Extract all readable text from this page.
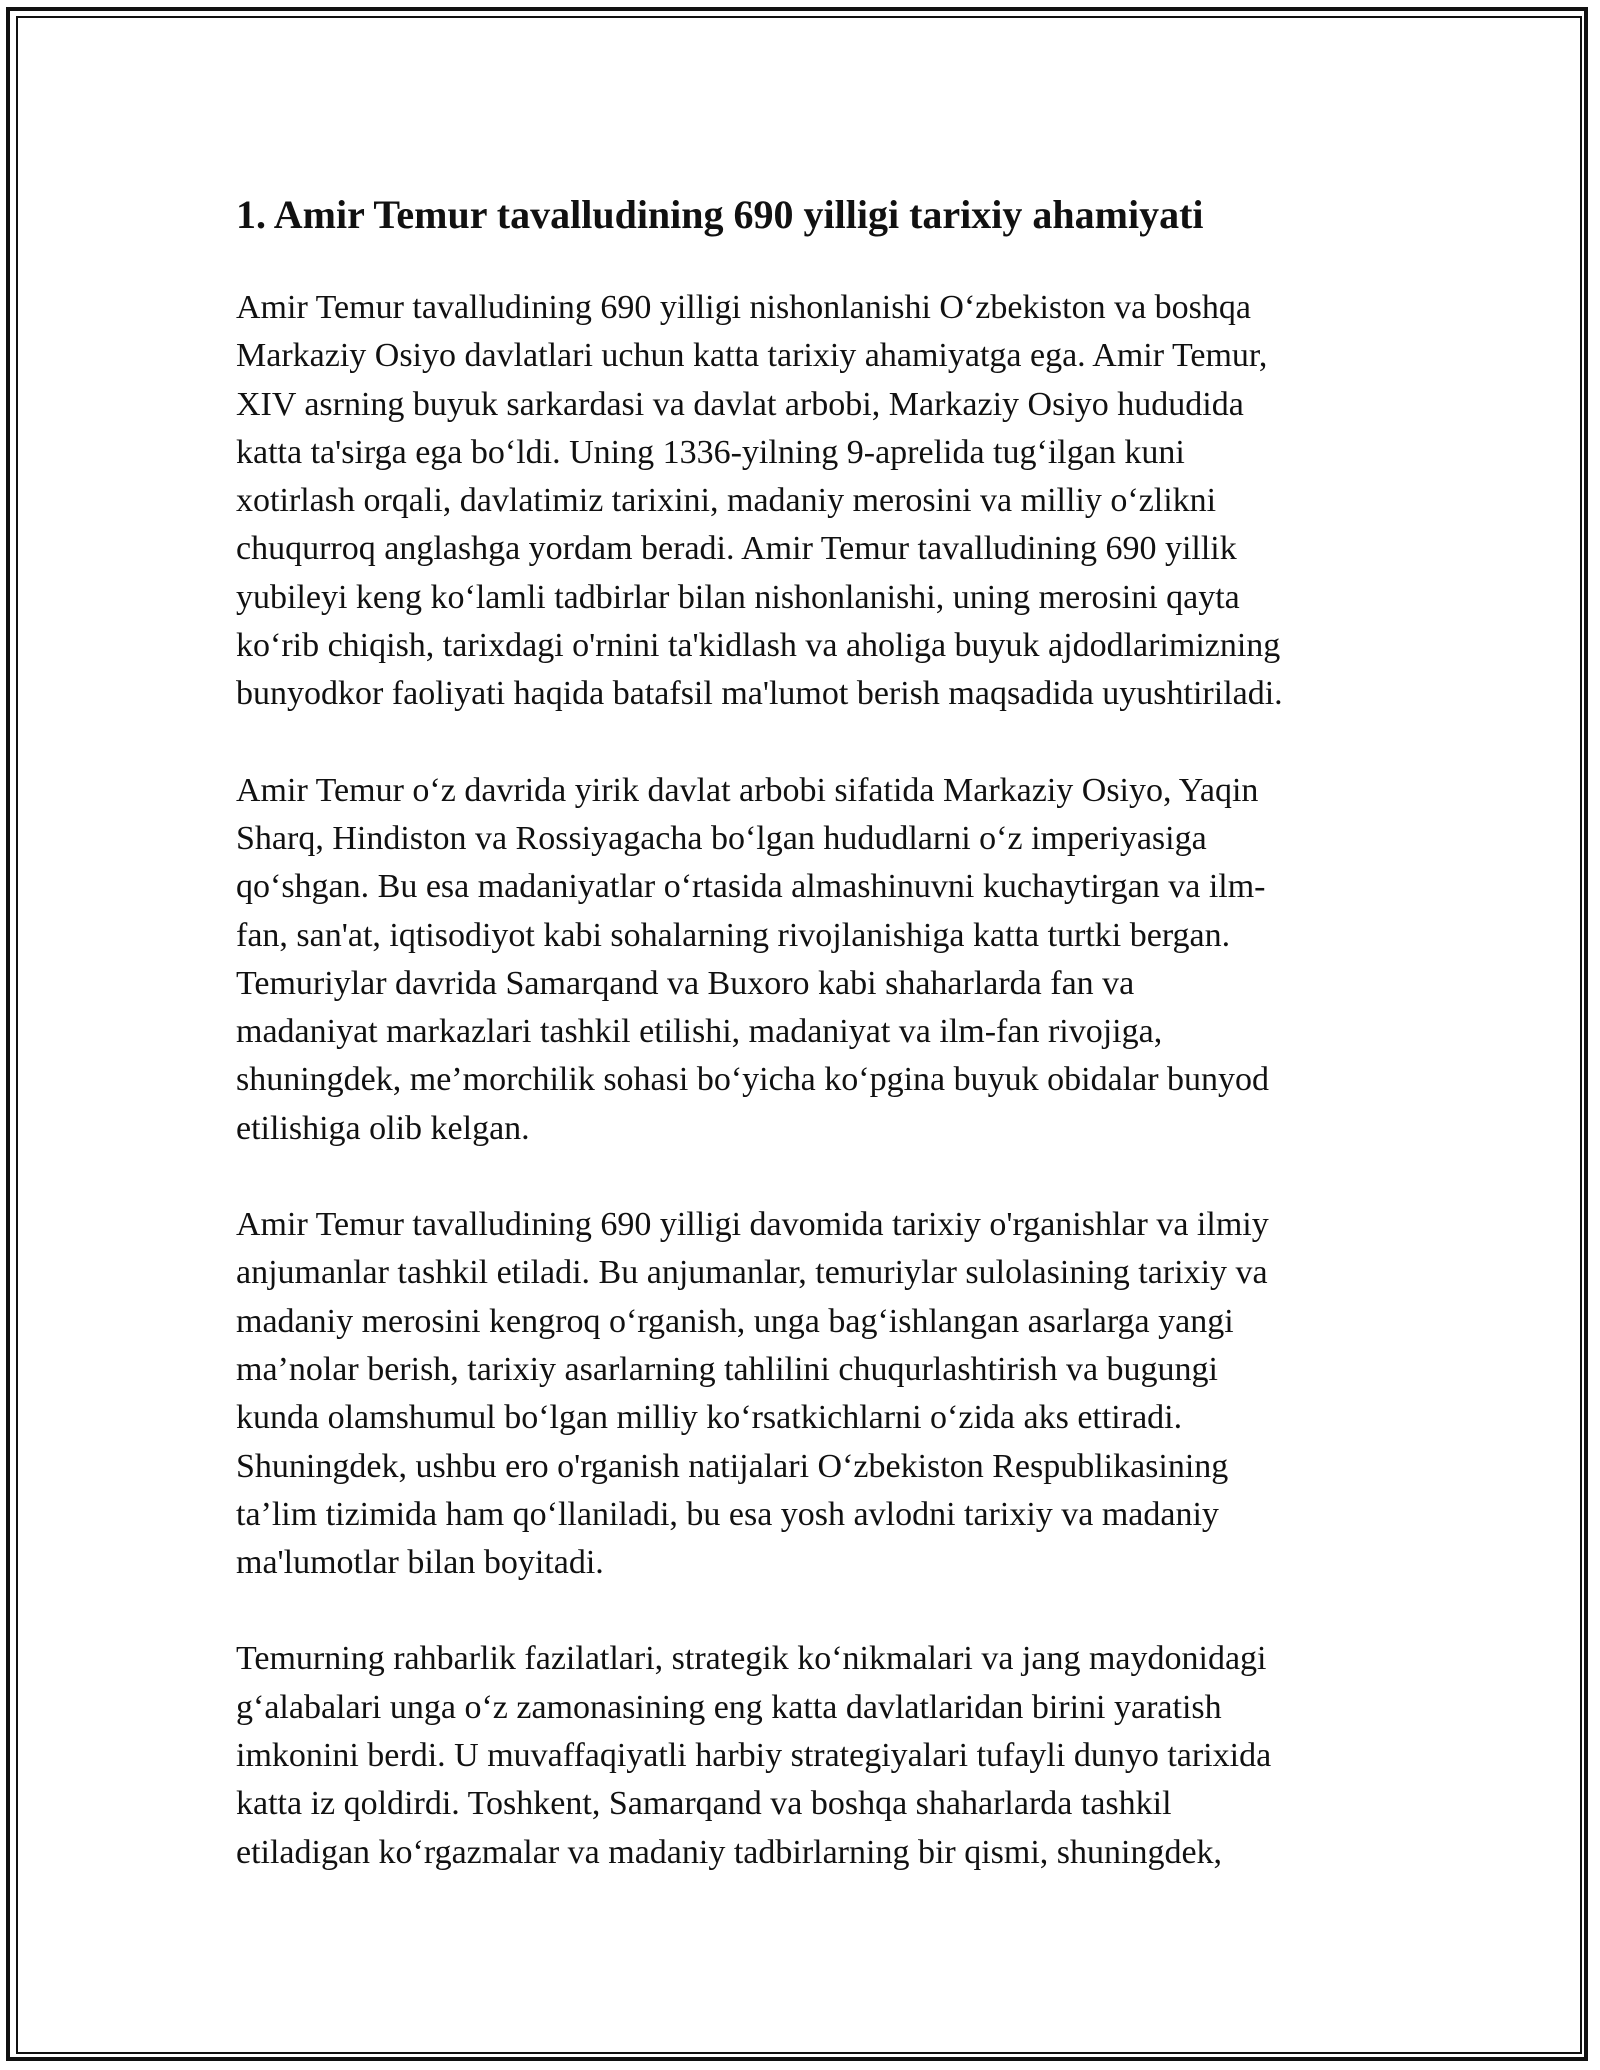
1. Amir Temur tavalludining 690 yilligi tarixiy ahamiyati

Amir Temur tavalludining 690 yilligi nishonlanishi O‘zbekiston va boshqa
Markaziy Osiyo davlatlari uchun katta tarixiy ahamiyatga ega. Amir Temur,
XIV asrning buyuk sarkardasi va davlat arbobi, Markaziy Osiyo hududida
katta ta'sirga ega bo‘ldi. Uning 1336-yilning 9-aprelida tug‘ilgan kuni
xotirlash orqali, davlatimiz tarixini, madaniy merosini va milliy o‘zlikni
chuqurroq anglashga yordam beradi. Amir Temur tavalludining 690 yillik
yubileyi keng ko‘lamli tadbirlar bilan nishonlanishi, uning merosini qayta
ko‘rib chiqish, tarixdagi o'rnini ta'kidlash va aholiga buyuk ajdodlarimizning
bunyodkor faoliyati haqida batafsil ma'lumot berish maqsadida uyushtiriladi.

Amir Temur o‘z davrida yirik davlat arbobi sifatida Markaziy Osiyo, Yaqin
Sharq, Hindiston va Rossiyagacha bo‘lgan hududlarni o‘z imperiyasiga
qo‘shgan. Bu esa madaniyatlar o‘rtasida almashinuvni kuchaytirgan va ilm-
fan, san'at, iqtisodiyot kabi sohalarning rivojlanishiga katta turtki bergan.
Temuriylar davrida Samarqand va Buxoro kabi shaharlarda fan va
madaniyat markazlari tashkil etilishi, madaniyat va ilm-fan rivojiga,
shuningdek, me’morchilik sohasi bo‘yicha ko‘pgina buyuk obidalar bunyod
etilishiga olib kelgan.

Amir Temur tavalludining 690 yilligi davomida tarixiy o'rganishlar va ilmiy
anjumanlar tashkil etiladi. Bu anjumanlar, temuriylar sulolasining tarixiy va
madaniy merosini kengroq o‘rganish, unga bag‘ishlangan asarlarga yangi
ma’nolar berish, tarixiy asarlarning tahlilini chuqurlashtirish va bugungi
kunda olamshumul bo‘lgan milliy ko‘rsatkichlarni o‘zida aks ettiradi.
Shuningdek, ushbu ero o'rganish natijalari O‘zbekiston Respublikasining
ta’lim tizimida ham qo‘llaniladi, bu esa yosh avlodni tarixiy va madaniy
ma'lumotlar bilan boyitadi.

Temurning rahbarlik fazilatlari, strategik ko‘nikmalari va jang maydonidagi
g‘alabalari unga o‘z zamonasining eng katta davlatlaridan birini yaratish
imkonini berdi. U muvaffaqiyatli harbiy strategiyalari tufayli dunyo tarixida
katta iz qoldirdi. Toshkent, Samarqand va boshqa shaharlarda tashkil
etiladigan ko‘rgazmalar va madaniy tadbirlarning bir qismi, shuningdek,
